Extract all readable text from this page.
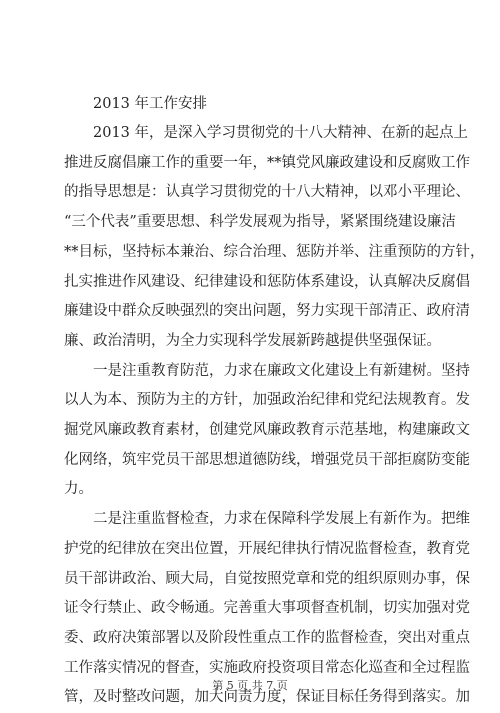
2013 年工作安排
2013 年，是深入学习贯彻党的十八大精神、在新的起点上
推进反腐倡廉工作的重要一年，**镇党风廉政建设和反腐败工作
的指导思想是：认真学习贯彻党的十八大精神，以邓小平理论、
“三个代表”重要思想、科学发展观为指导，紧紧围绕建设廉洁
**目标，坚持标本兼治、综合治理、惩防并举、注重预防的方针，
扎实推进作风建设、纪律建设和惩防体系建设，认真解决反腐倡
廉建设中群众反映强烈的突出问题，努力实现干部清正、政府清
廉、政治清明，为全力实现科学发展新跨越提供坚强保证。
一是注重教育防范，力求在廉政文化建设上有新建树。坚持
以人为本、预防为主的方针，加强政治纪律和党纪法规教育。发
掘党风廉政教育素材，创建党风廉政教育示范基地，构建廉政文
化网络，筑牢党员干部思想道德防线，增强党员干部拒腐防变能
力。
二是注重监督检查，力求在保障科学发展上有新作为。把维
护党的纪律放在突出位置，开展纪律执行情况监督检查，教育党
员干部讲政治、顾大局，自觉按照党章和党的组织原则办事，保
证令行禁止、政令畅通。完善重大事项督查机制，切实加强对党
委、政府决策部署以及阶段性重点工作的监督检查，突出对重点
工作落实情况的督查，实施政府投资项目常态化巡查和全过程监
管，及时整改问题，加大问责力度，保证目标任务得到落实。加
第 5 页 共 7 页
